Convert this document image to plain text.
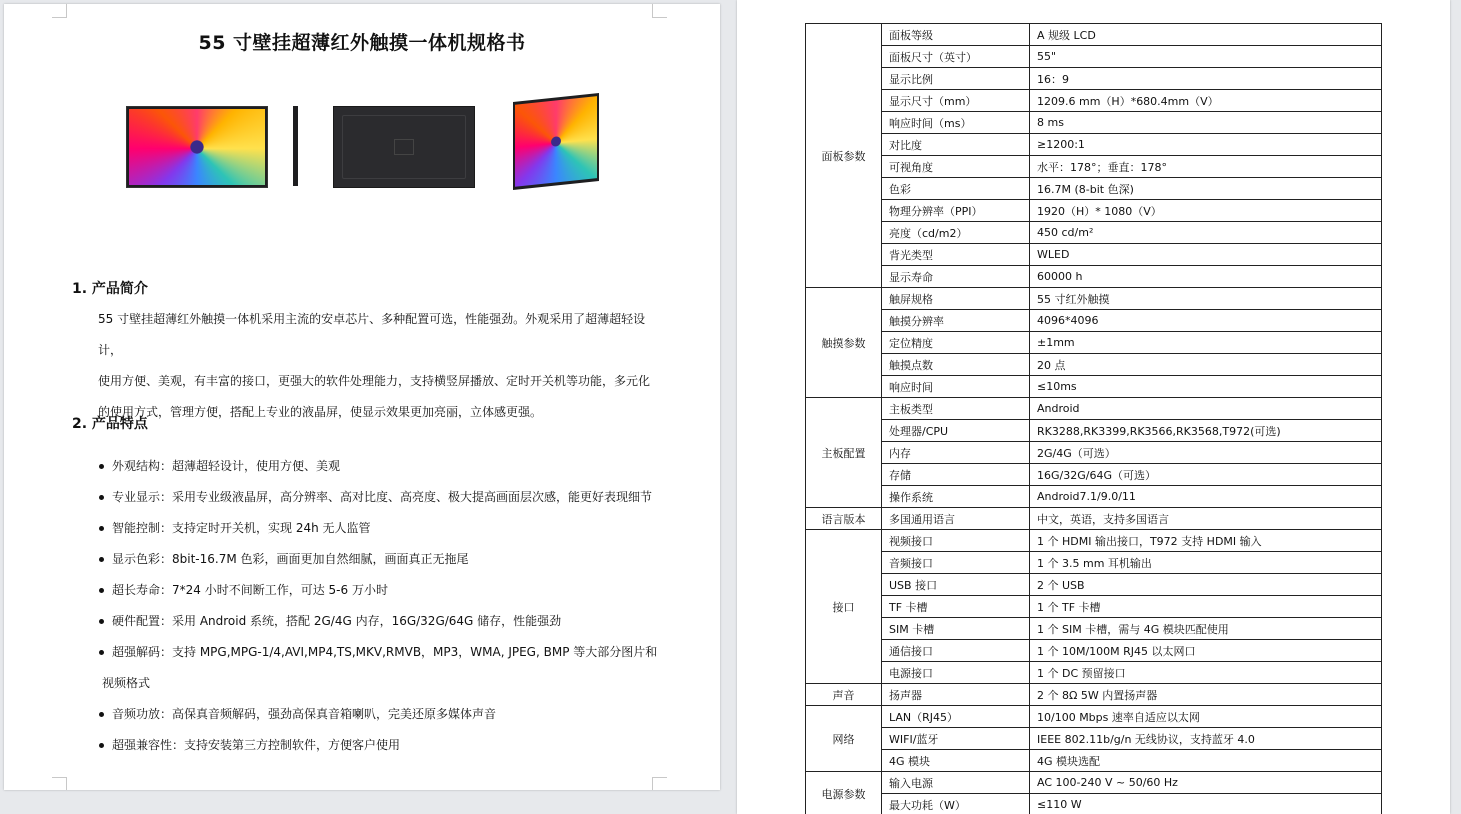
55 寸壁挂超薄红外触摸一体机规格书
1. 产品简介
55 寸壁挂超薄红外触摸一体机采用主流的安卓芯片、多种配置可选，性能强劲。外观采用了超薄超轻设计，
使用方便、美观，有丰富的接口，更强大的软件处理能力，支持横竖屏播放、定时开关机等功能，多元化
的使用方式，管理方便，搭配上专业的液晶屏，使显示效果更加亮丽，立体感更强。
2. 产品特点
外观结构：超薄超轻设计，使用方便、美观
专业显示：采用专业级液晶屏，高分辨率、高对比度、高亮度、极大提高画面层次感，能更好表现细节
智能控制：支持定时开关机，实现 24h 无人监管
显示色彩：8bit-16.7M 色彩，画面更加自然细腻，画面真正无拖尾
超长寿命：7*24 小时不间断工作，可达 5-6 万小时
硬件配置：采用 Android 系统，搭配 2G/4G 内存，16G/32G/64G 储存，性能强劲
超强解码：支持 MPG,MPG-1/4,AVI,MP4,TS,MKV,RMVB，MP3，WMA, JPEG, BMP 等大部分图片和
视频格式
音频功放：高保真音频解码，强劲高保真音箱喇叭，完美还原多媒体声音
超强兼容性：支持安装第三方控制软件，方便客户使用
面板参数	面板等级	A 规级 LCD
	面板尺寸（英寸）	55"
	显示比例	16：9
	显示尺寸（mm）	1209.6 mm（H）*680.4mm（V）
	响应时间（ms）	8 ms
	对比度	≥1200:1
	可视角度	水平：178°；垂直：178°
	色彩	16.7M (8-bit 色深)
	物理分辨率（PPI）	1920（H）* 1080（V）
	亮度（cd/m2）	450 cd/m²
	背光类型	WLED
	显示寿命	60000 h
触摸参数	触屏规格	55 寸红外触摸
	触摸分辨率	4096*4096
	定位精度	±1mm
	触摸点数	20 点
	响应时间	≤10ms
主板配置	主板类型	Android
	处理器/CPU	RK3288,RK3399,RK3566,RK3568,T972(可选)
	内存	2G/4G（可选）
	存储	16G/32G/64G（可选）
	操作系统	Android7.1/9.0/11
语言版本	多国通用语言	中文，英语，支持多国语言
接口	视频接口	1 个 HDMI 输出接口，T972 支持 HDMI 输入
	音频接口	1 个 3.5 mm 耳机输出
	USB 接口	2 个 USB
	TF 卡槽	1 个 TF 卡槽
	SIM 卡槽	1 个 SIM 卡槽，需与 4G 模块匹配使用
	通信接口	1 个 10M/100M RJ45 以太网口
	电源接口	1 个 DC 预留接口
声音	扬声器	2 个 8Ω 5W 内置扬声器
网络	LAN（RJ45）	10/100 Mbps 速率自适应以太网
	WIFI/蓝牙	IEEE 802.11b/g/n 无线协议，支持蓝牙 4.0
	4G 模块	4G 模块选配
电源参数	输入电源	AC 100-240 V ~ 50/60 Hz
	最大功耗（W）	≤110 W
